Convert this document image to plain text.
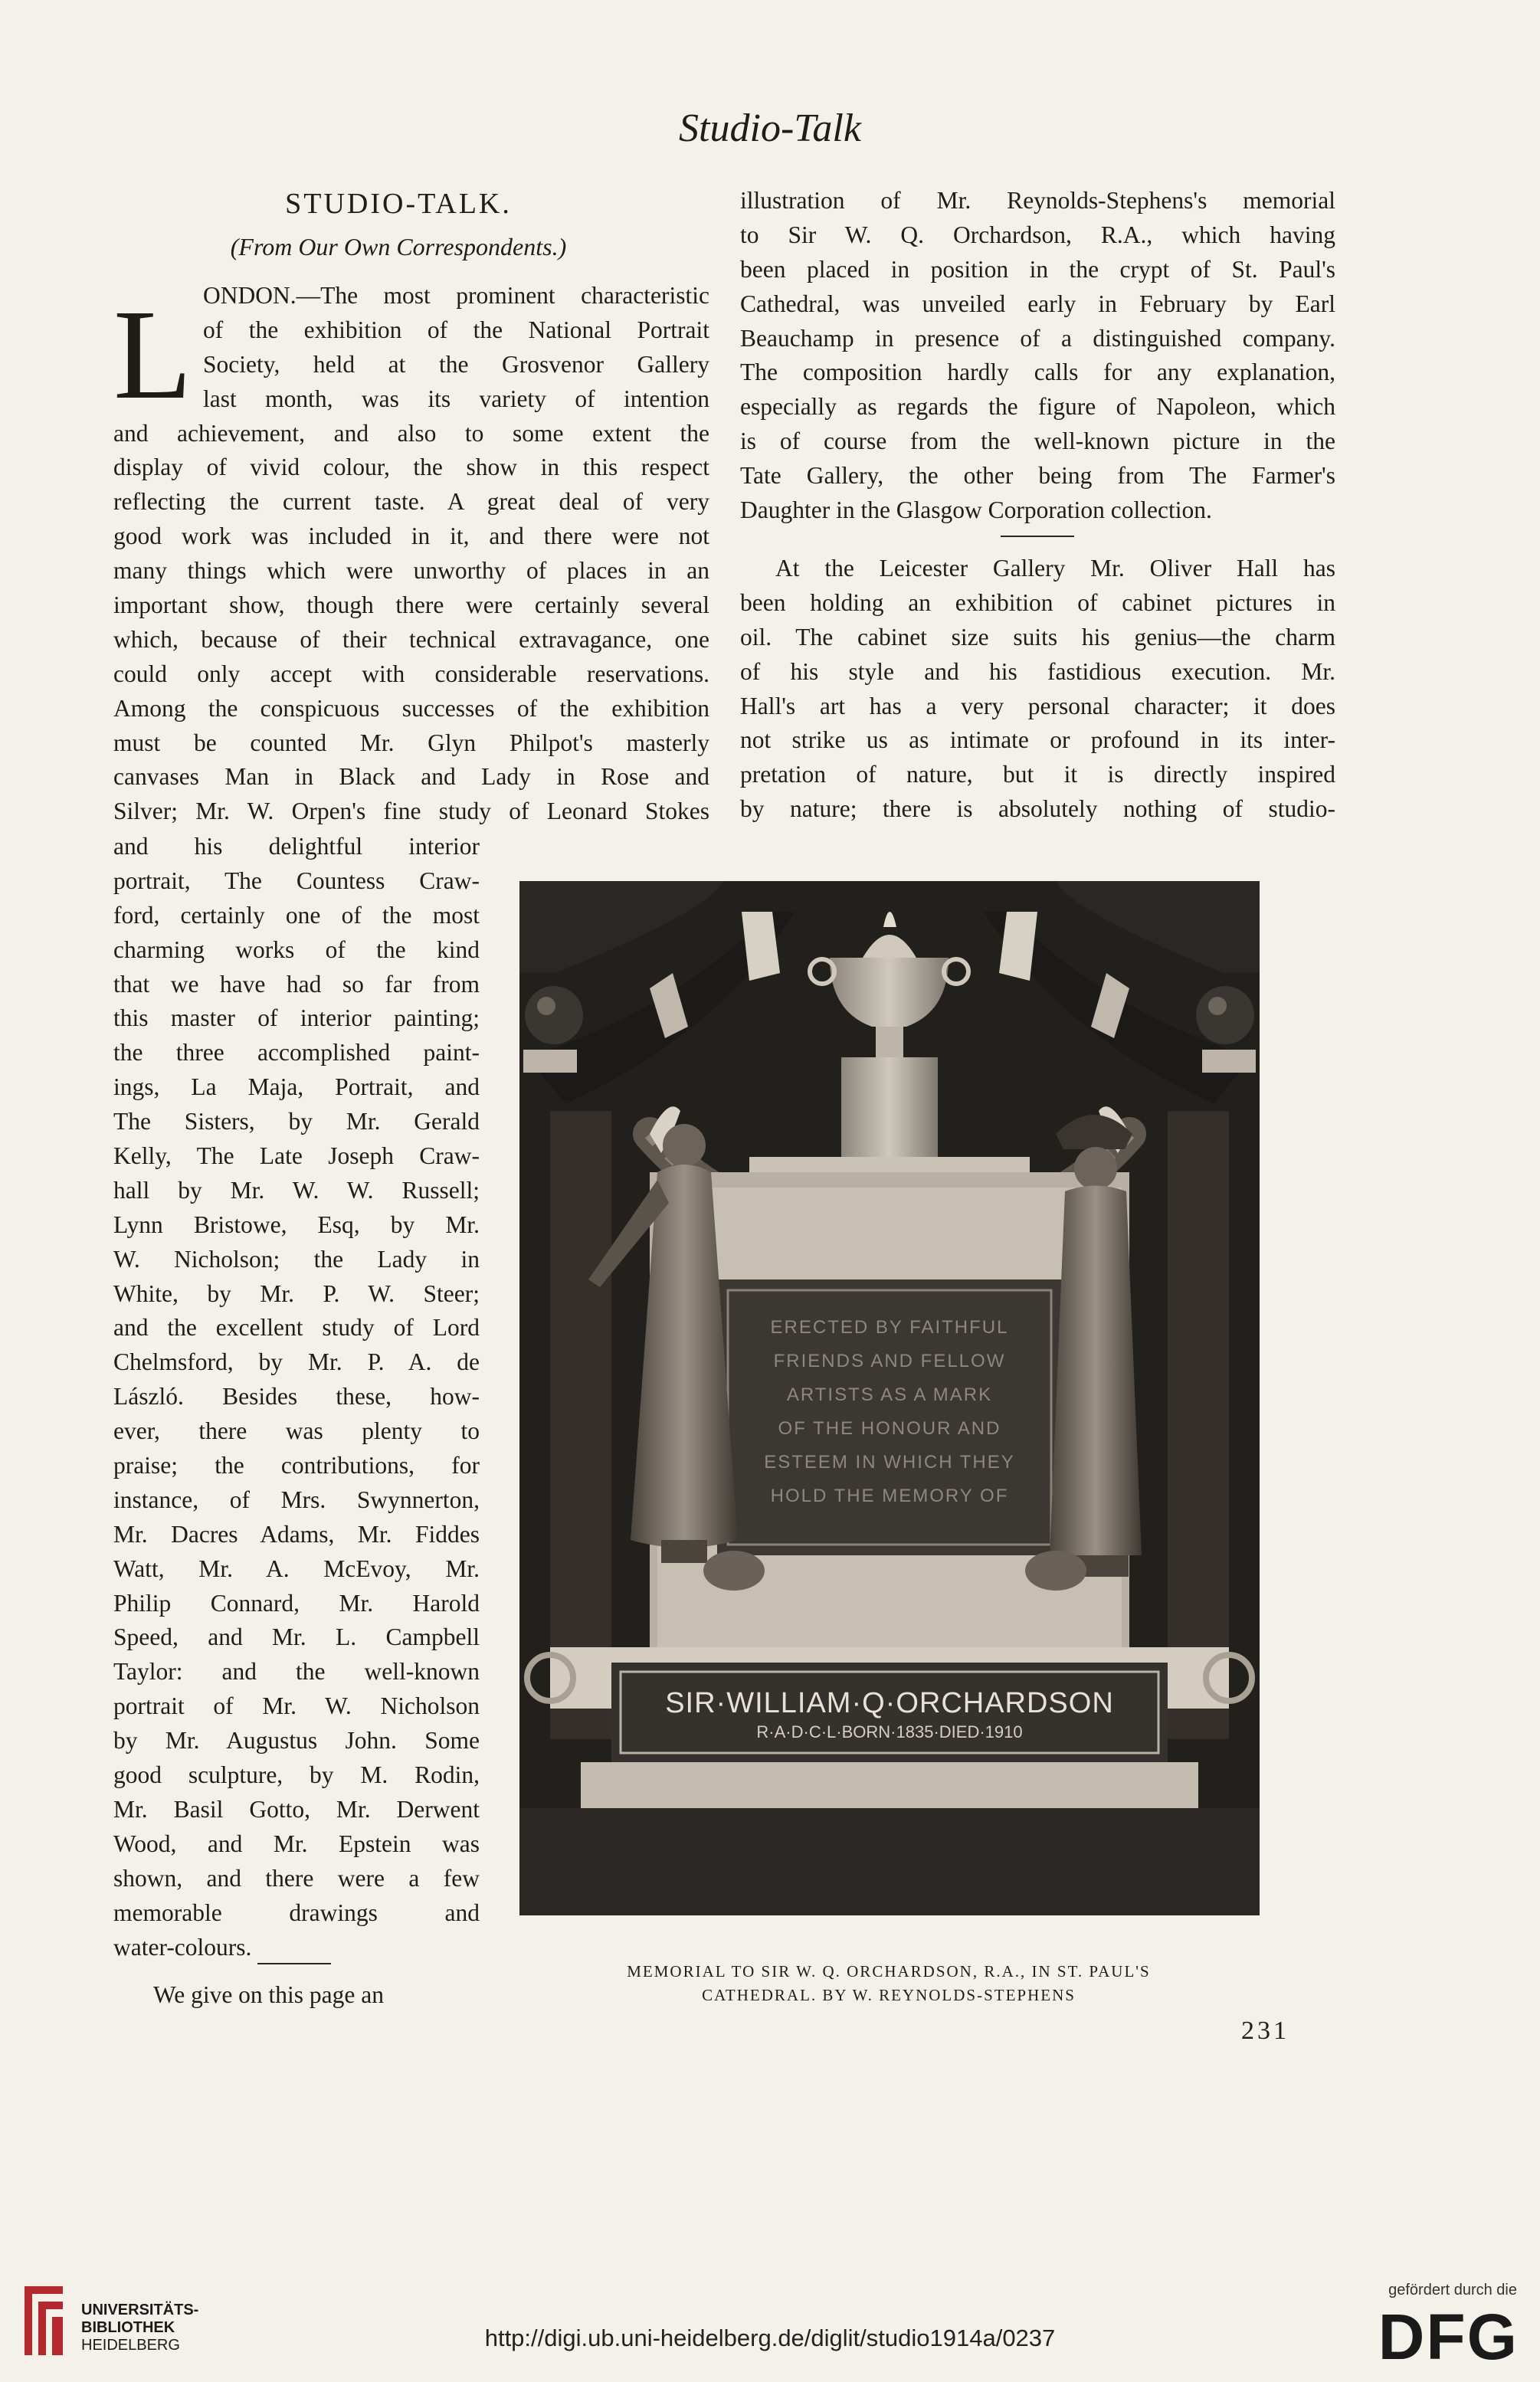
Studio-Talk
STUDIO-TALK.
(From Our Own Correspondents.)
L ONDON.—The most prominent characteristic
of the exhibition of the National Portrait
Society, held at the Grosvenor Gallery
last month, was its variety of intention
and achievement, and also to some extent the
display of vivid colour, the show in this respect
reflecting the current taste. A great deal of very
good work was included in it, and there were not
many things which were unworthy of places in an
important show, though there were certainly several
which, because of their technical extravagance, one
could only accept with considerable reservations.
Among the conspicuous successes of the exhibition
must be counted Mr. Glyn Philpot's masterly
canvases Man in Black and Lady in Rose and
Silver; Mr. W. Orpen's fine study of Leonard Stokes
and his delightful interior
portrait, The Countess Craw-
ford, certainly one of the most
charming works of the kind
that we have had so far from
this master of interior painting;
the three accomplished paint-
ings, La Maja, Portrait, and
The Sisters, by Mr. Gerald
Kelly, The Late Joseph Craw-
hall by Mr. W. W. Russell;
Lynn Bristowe, Esq, by Mr.
W. Nicholson; the Lady in
White, by Mr. P. W. Steer;
and the excellent study of Lord
Chelmsford, by Mr. P. A. de
László. Besides these, how-
ever, there was plenty to
praise; the contributions, for
instance, of Mrs. Swynnerton,
Mr. Dacres Adams, Mr. Fiddes
Watt, Mr. A. McEvoy, Mr.
Philip Connard, Mr. Harold
Speed, and Mr. L. Campbell
Taylor: and the well-known
portrait of Mr. W. Nicholson
by Mr. Augustus John. Some
good sculpture, by M. Rodin,
Mr. Basil Gotto, Mr. Derwent
Wood, and Mr. Epstein was
shown, and there were a few
memorable drawings and
water-colours.
We give on this page an
illustration of Mr. Reynolds-Stephens's memorial
to Sir W. Q. Orchardson, R.A., which having
been placed in position in the crypt of St. Paul's
Cathedral, was unveiled early in February by Earl
Beauchamp in presence of a distinguished company.
The composition hardly calls for any explanation,
especially as regards the figure of Napoleon, which
is of course from the well-known picture in the
Tate Gallery, the other being from The Farmer's
Daughter in the Glasgow Corporation collection.
At the Leicester Gallery Mr. Oliver Hall has
been holding an exhibition of cabinet pictures in
oil. The cabinet size suits his genius—the charm
of his style and his fastidious execution. Mr.
Hall's art has a very personal character; it does
not strike us as intimate or profound in its inter-
pretation of nature, but it is directly inspired
by nature; there is absolutely nothing of studio-
ERECTED BY FAITHFUL
FRIENDS AND FELLOW
ARTISTS AS A MARK
OF THE HONOUR AND
ESTEEM IN WHICH THEY
HOLD THE MEMORY OF
SIR·WILLIAM·Q·ORCHARDSON
R·A·D·C·L·BORN·1835·DIED·1910
MEMORIAL TO SIR W. Q. ORCHARDSON, R.A., IN ST. PAUL'S
CATHEDRAL. BY W. REYNOLDS-STEPHENS
231
UNIVERSITÄTS-
BIBLIOTHEK
HEIDELBERG	http://digi.ub.uni-heidelberg.de/diglit/studio1914a/0237
gefördert durch die
DFG
